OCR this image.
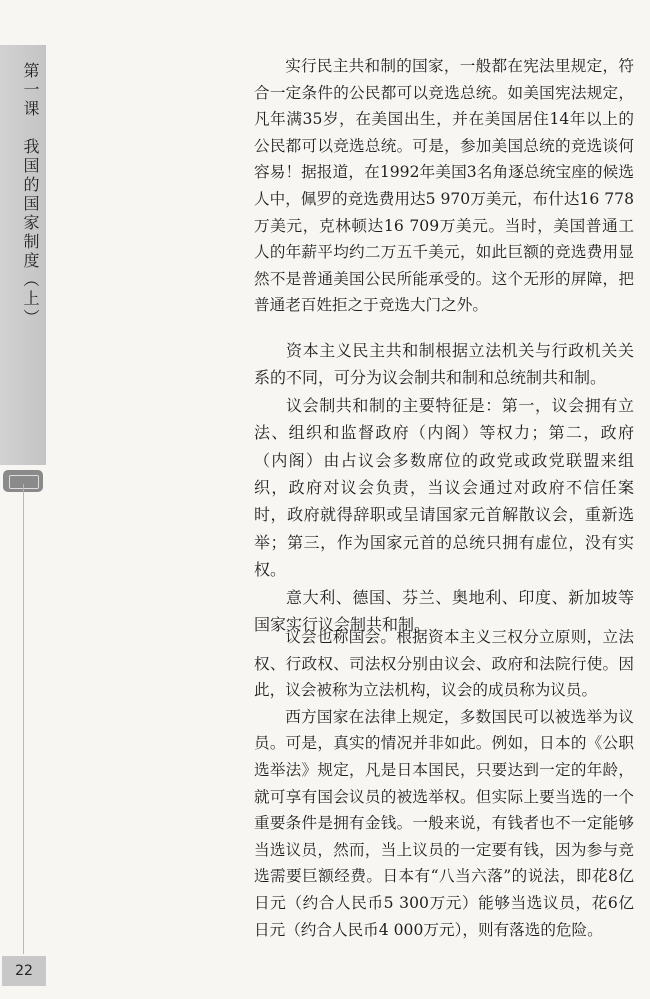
第一课　我国的国家制度（上）
22

实行民主共和制的国家，一般都在宪法里规定，符合一定条件的公民都可以竞选总统。如美国宪法规定，凡年满35岁，在美国出生，并在美国居住14年以上的公民都可以竞选总统。可是，参加美国总统的竞选谈何容易！据报道，在1992年美国3名角逐总统宝座的候选人中，佩罗的竞选费用达5 970万美元，布什达16 778万美元，克林顿达16 709万美元。当时，美国普通工人的年薪平均约二万五千美元，如此巨额的竞选费用显然不是普通美国公民所能承受的。这个无形的屏障，把普通老百姓拒之于竞选大门之外。

资本主义民主共和制根据立法机关与行政机关关系的不同，可分为议会制共和制和总统制共和制。

议会制共和制的主要特征是：第一，议会拥有立法、组织和监督政府（内阁）等权力；第二，政府（内阁）由占议会多数席位的政党或政党联盟来组织，政府对议会负责，当议会通过对政府不信任案时，政府就得辞职或呈请国家元首解散议会，重新选举；第三，作为国家元首的总统只拥有虚位，没有实权。

意大利、德国、芬兰、奥地利、印度、新加坡等国家实行议会制共和制。

议会也称国会。根据资本主义三权分立原则，立法权、行政权、司法权分别由议会、政府和法院行使。因此，议会被称为立法机构，议会的成员称为议员。

西方国家在法律上规定，多数国民可以被选举为议员。可是，真实的情况并非如此。例如，日本的《公职选举法》规定，凡是日本国民，只要达到一定的年龄，就可享有国会议员的被选举权。但实际上要当选的一个重要条件是拥有金钱。一般来说，有钱者也不一定能够当选议员，然而，当上议员的一定要有钱，因为参与竞选需要巨额经费。日本有“八当六落”的说法，即花8亿日元（约合人民币5 300万元）能够当选议员，花6亿日元（约合人民币4 000万元），则有落选的危险。
